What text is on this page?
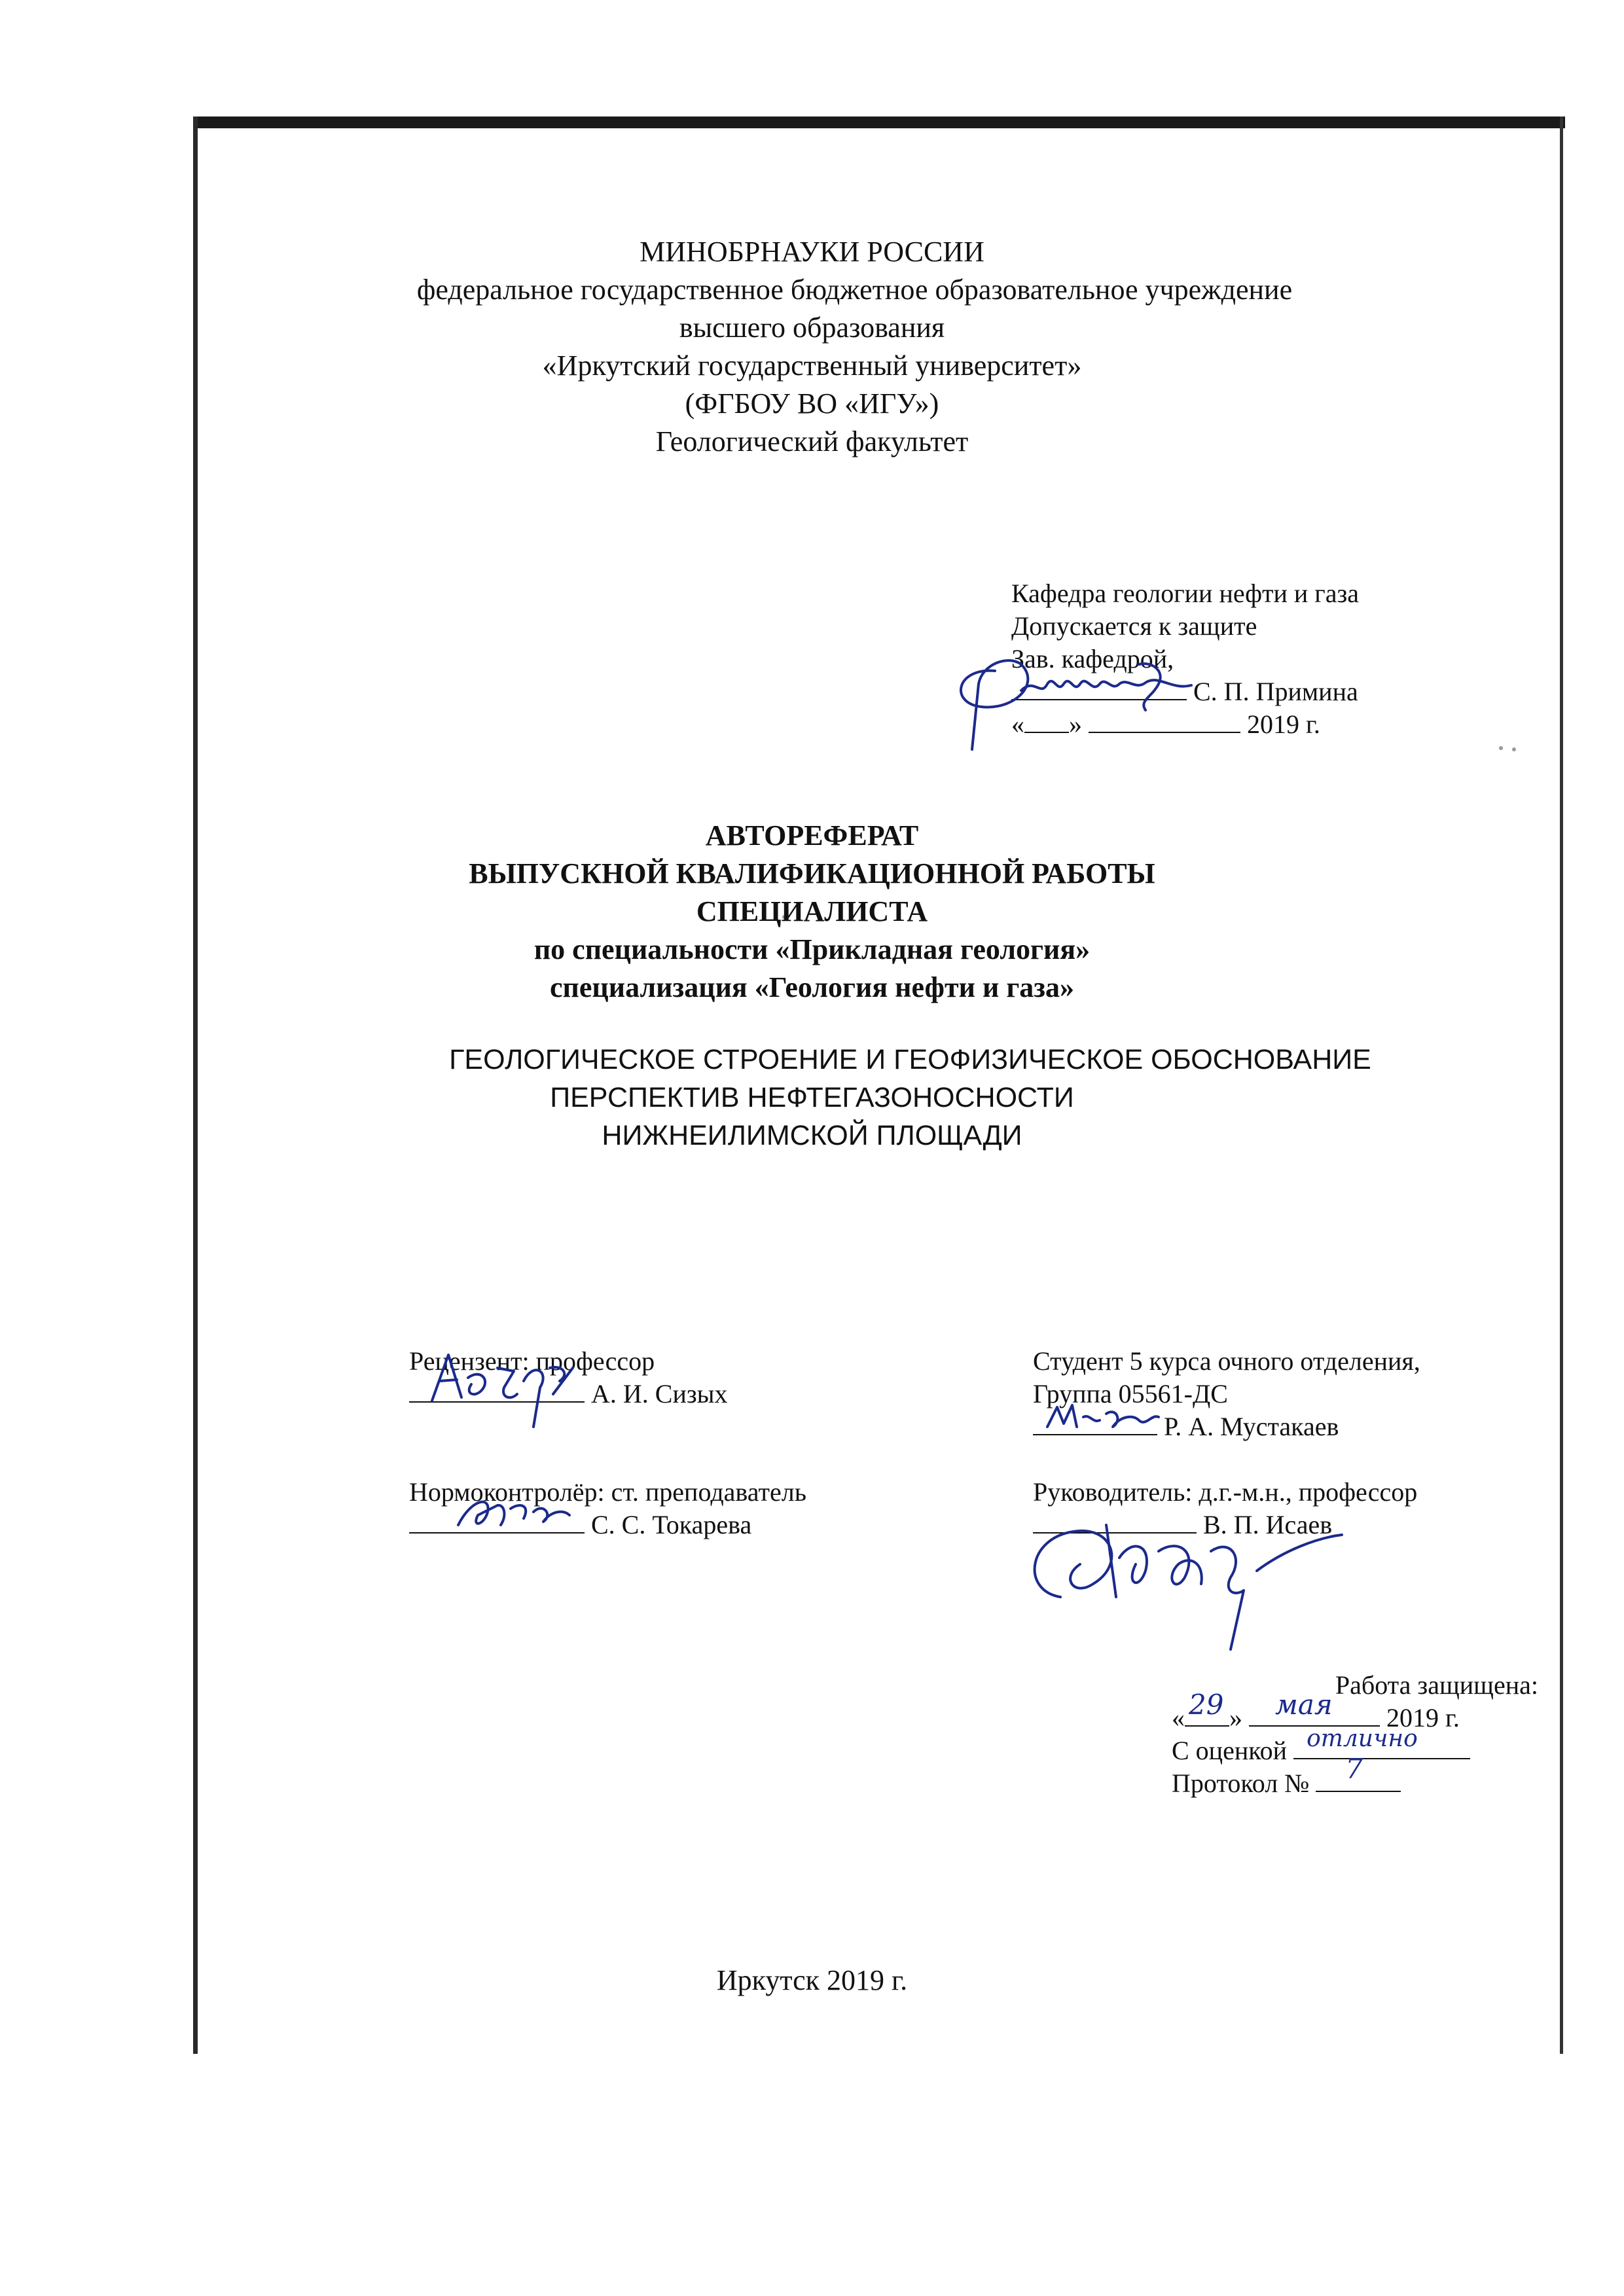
МИНОБРНАУКИ РОССИИ

федеральное государственное бюджетное образовательное учреждение

высшего образования

«Иркутский государственный университет»

(ФГБОУ ВО «ИГУ»)

Геологический факультет

Кафедра геологии нефти и газа

Допускается к защите

Зав. кафедрой,

С. П. Примина

« »	2019 г.

АВТОРЕФЕРАТ

ВЫПУСКНОЙ КВАЛИФИКАЦИОННОЙ РАБОТЫ

СПЕЦИАЛИСТА

по специальности «Прикладная геология»

специализация «Геология нефти и газа»

ГЕОЛОГИЧЕСКОЕ СТРОЕНИЕ И ГЕОФИЗИЧЕСКОЕ ОБОСНОВАНИЕ

ПЕРСПЕКТИВ НЕФТЕГАЗОНОСНОСТИ

НИЖНЕИЛИМСКОЙ ПЛОЩАДИ

Рецензент: профессор

А. И. Сизых

Нормоконтролёр: ст. преподаватель

С. С. Токарева

Студент 5 курса очного отделения,

Группа 05561-ДС

Р. А. Мустакаев

Руководитель: д.г.-м.н., профессор

В. П. Исаев

Работа защищена:

« 29 » мая 2019 г.

С оценкой отлично

Протокол № 7

Иркутск 2019 г.
